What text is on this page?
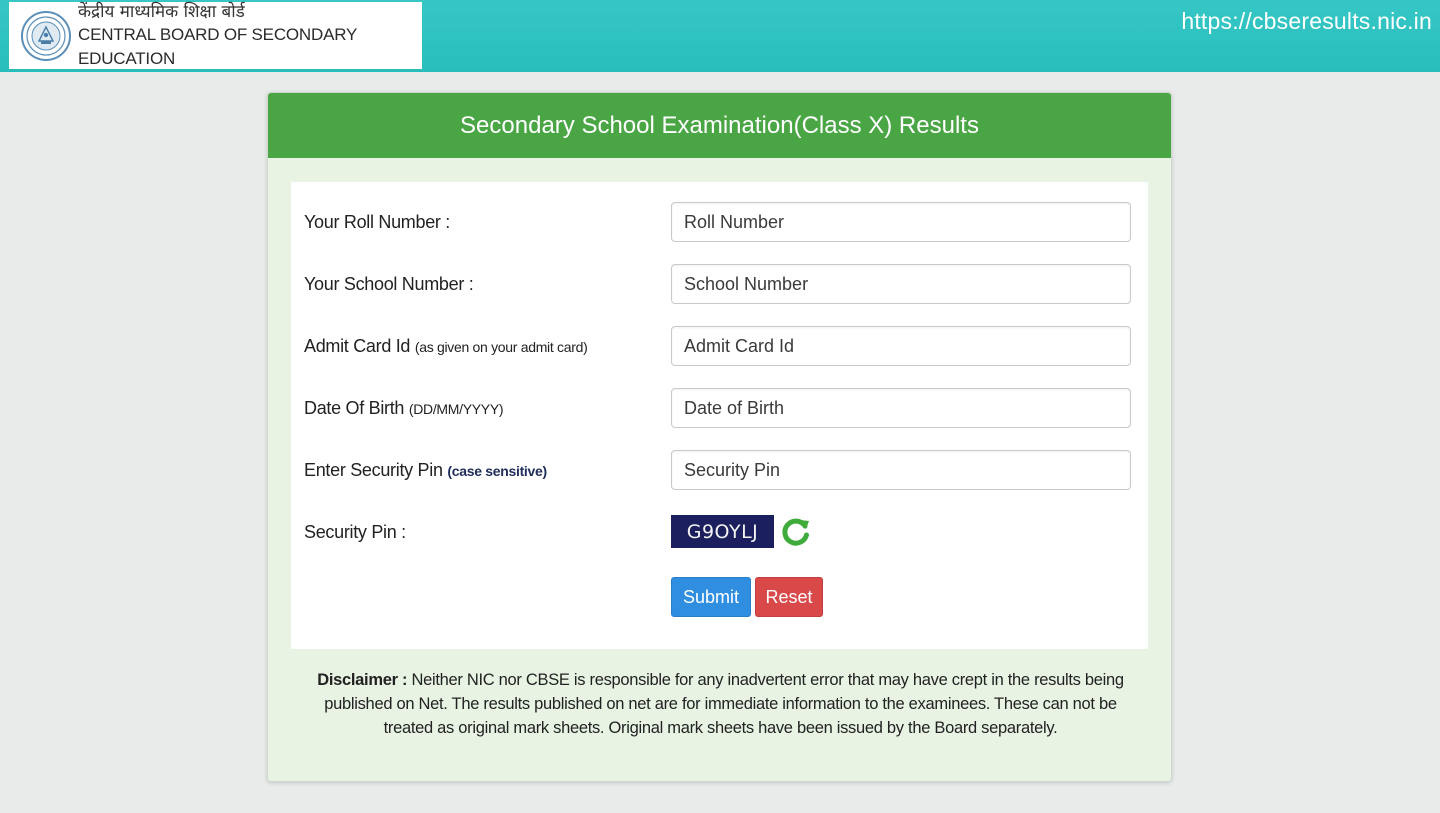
केंद्रीय माध्यमिक शिक्षा बोर्ड
CENTRAL BOARD OF SECONDARY EDUCATION
https://cbseresults.nic.in
Secondary School Examination(Class X) Results
Your Roll Number :
Roll Number
Your School Number :
School Number
Admit Card Id (as given on your admit card)
Admit Card Id
Date Of Birth (DD/MM/YYYY)
Date of Birth
Enter Security Pin (case sensitive)
Security Pin
Security Pin :	G9OYLJ
Submit	Reset
Disclaimer : Neither NIC nor CBSE is responsible for any inadvertent error that may have crept in the results being published on Net. The results published on net are for immediate information to the examinees. These can not be treated as original mark sheets. Original mark sheets have been issued by the Board separately.
